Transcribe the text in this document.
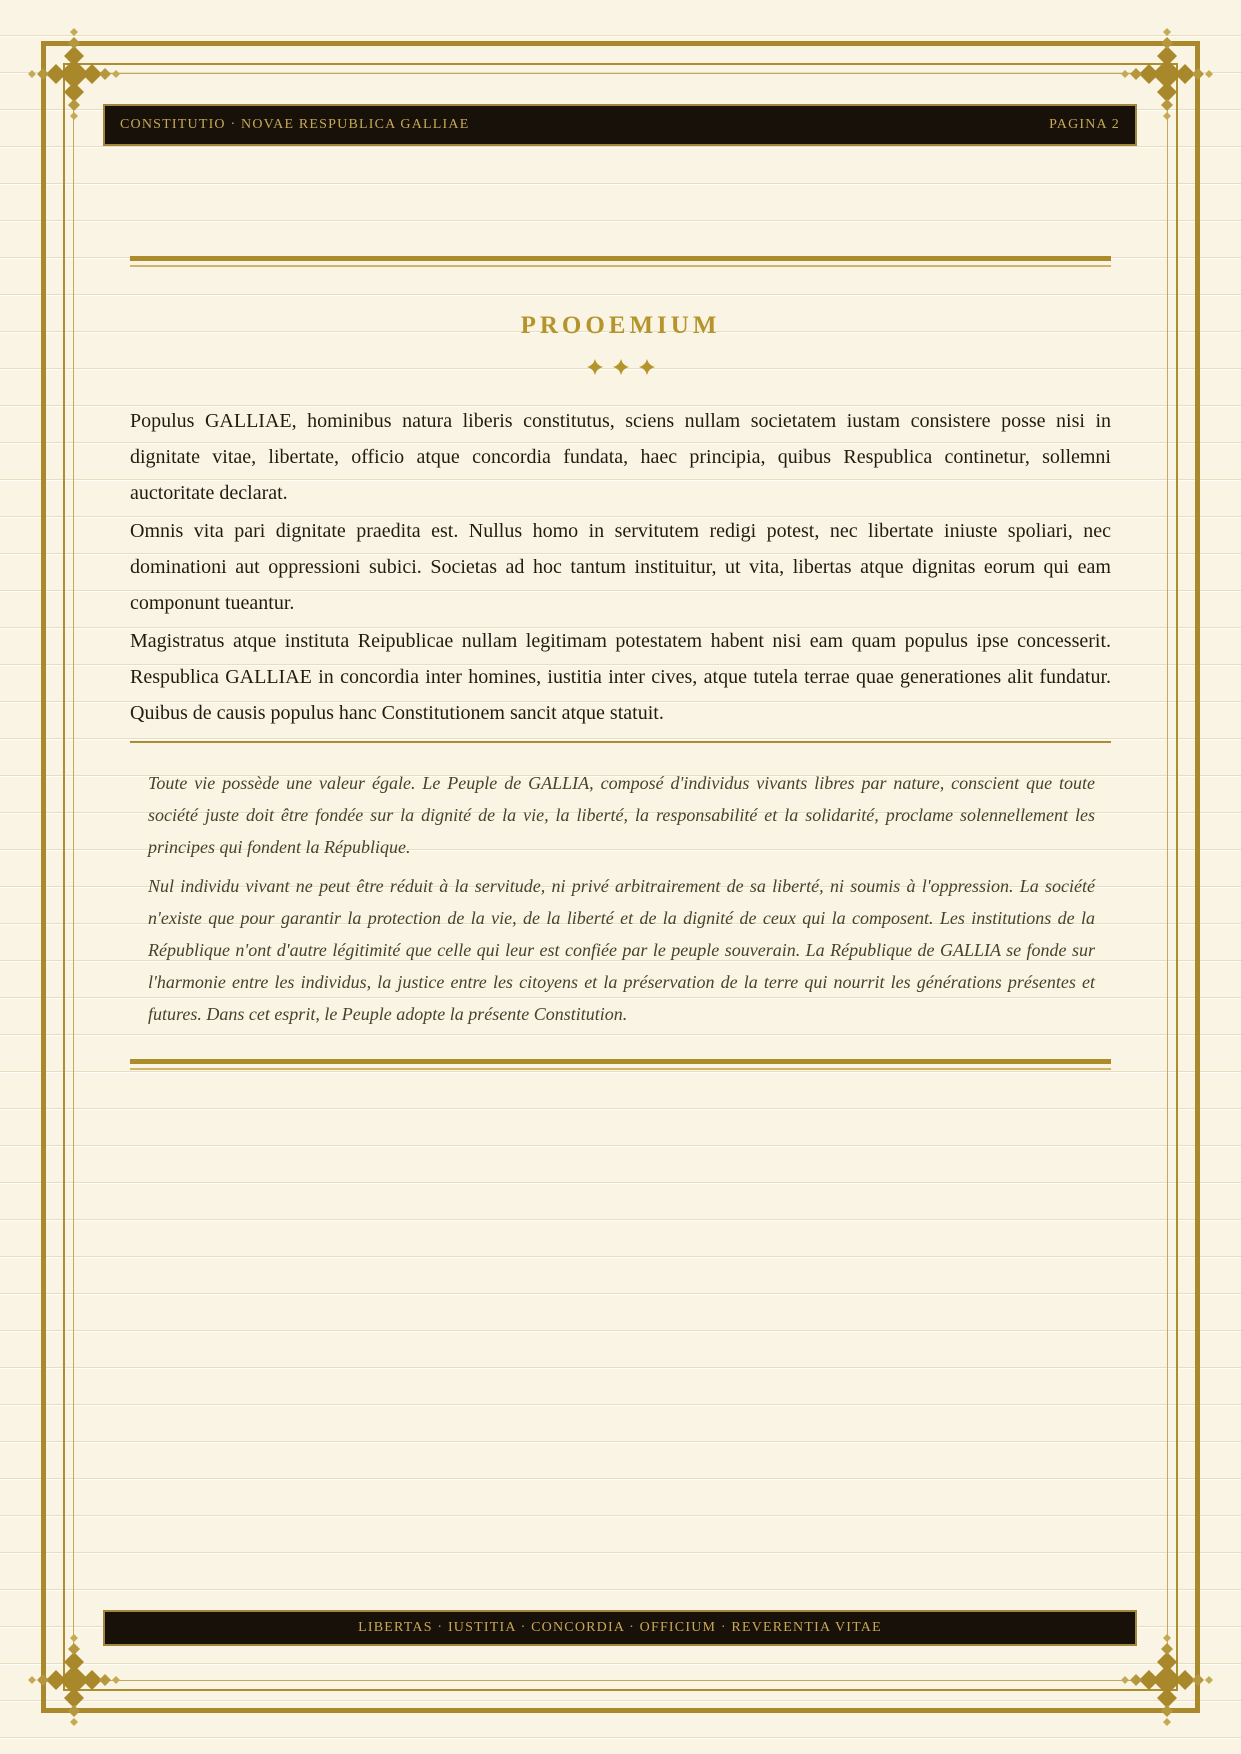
CONSTITUTIO · NOVAE RESPUBLICA GALLIAE	PAGINA 2
PROOEMIUM

Populus GALLIAE, hominibus natura liberis constitutus, sciens nullam societatem iustam consistere posse nisi in dignitate vitae, libertate, officio atque concordia fundata, haec principia, quibus Respublica continetur, sollemni auctoritate declarat.

Omnis vita pari dignitate praedita est. Nullus homo in servitutem redigi potest, nec libertate iniuste spoliari, nec dominationi aut oppressioni subici. Societas ad hoc tantum instituitur, ut vita, libertas atque dignitas eorum qui eam componunt tueantur.

Magistratus atque instituta Reipublicae nullam legitimam potestatem habent nisi eam quam populus ipse concesserit. Respublica GALLIAE in concordia inter homines, iustitia inter cives, atque tutela terrae quae generationes alit fundatur. Quibus de causis populus hanc Constitutionem sancit atque statuit.

Toute vie possède une valeur égale. Le Peuple de GALLIA, composé d'individus vivants libres par nature, conscient que toute société juste doit être fondée sur la dignité de la vie, la liberté, la responsabilité et la solidarité, proclame solennellement les principes qui fondent la République.

Nul individu vivant ne peut être réduit à la servitude, ni privé arbitrairement de sa liberté, ni soumis à l'oppression. La société n'existe que pour garantir la protection de la vie, de la liberté et de la dignité de ceux qui la composent. Les institutions de la République n'ont d'autre légitimité que celle qui leur est confiée par le peuple souverain. La République de GALLIA se fonde sur l'harmonie entre les individus, la justice entre les citoyens et la préservation de la terre qui nourrit les générations présentes et futures. Dans cet esprit, le Peuple adopte la présente Constitution.

LIBERTAS · IUSTITIA · CONCORDIA · OFFICIUM · REVERENTIA VITAE
